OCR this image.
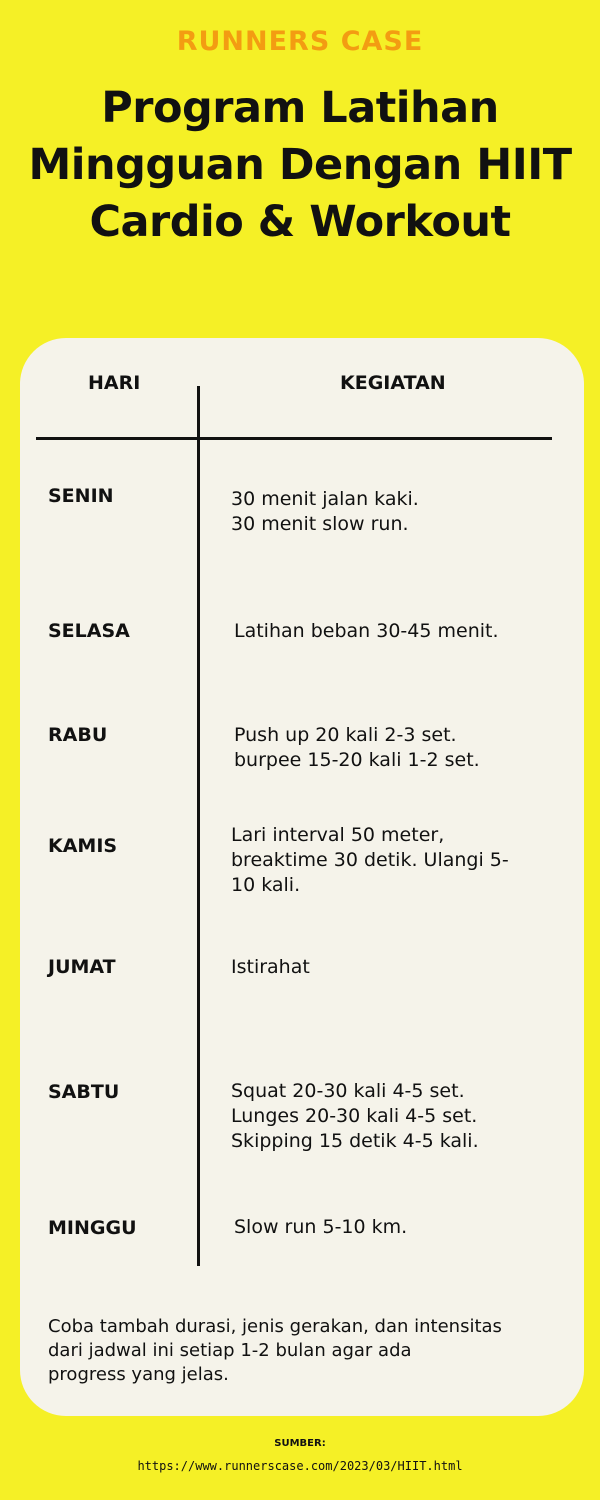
RUNNERS CASE
Program Latihan
Mingguan Dengan HIIT
Cardio & Workout
HARI	KEGIATAN
SENIN	30 menit jalan kaki.
30 menit slow run.
SELASA	Latihan beban 30-45 menit.
RABU	Push up 20 kali 2-3 set.
burpee 15-20 kali 1-2 set.
KAMIS	Lari interval 50 meter,
breaktime 30 detik. Ulangi 5-
10 kali.
JUMAT	Istirahat
SABTU	Squat 20-30 kali 4-5 set.
Lunges 20-30 kali 4-5 set.
Skipping 15 detik 4-5 kali.
MINGGU	Slow run 5-10 km.
Coba tambah durasi, jenis gerakan, dan intensitas
dari jadwal ini setiap 1-2 bulan agar ada
progress yang jelas.
SUMBER:
https://www.runnerscase.com/2023/03/HIIT.html
